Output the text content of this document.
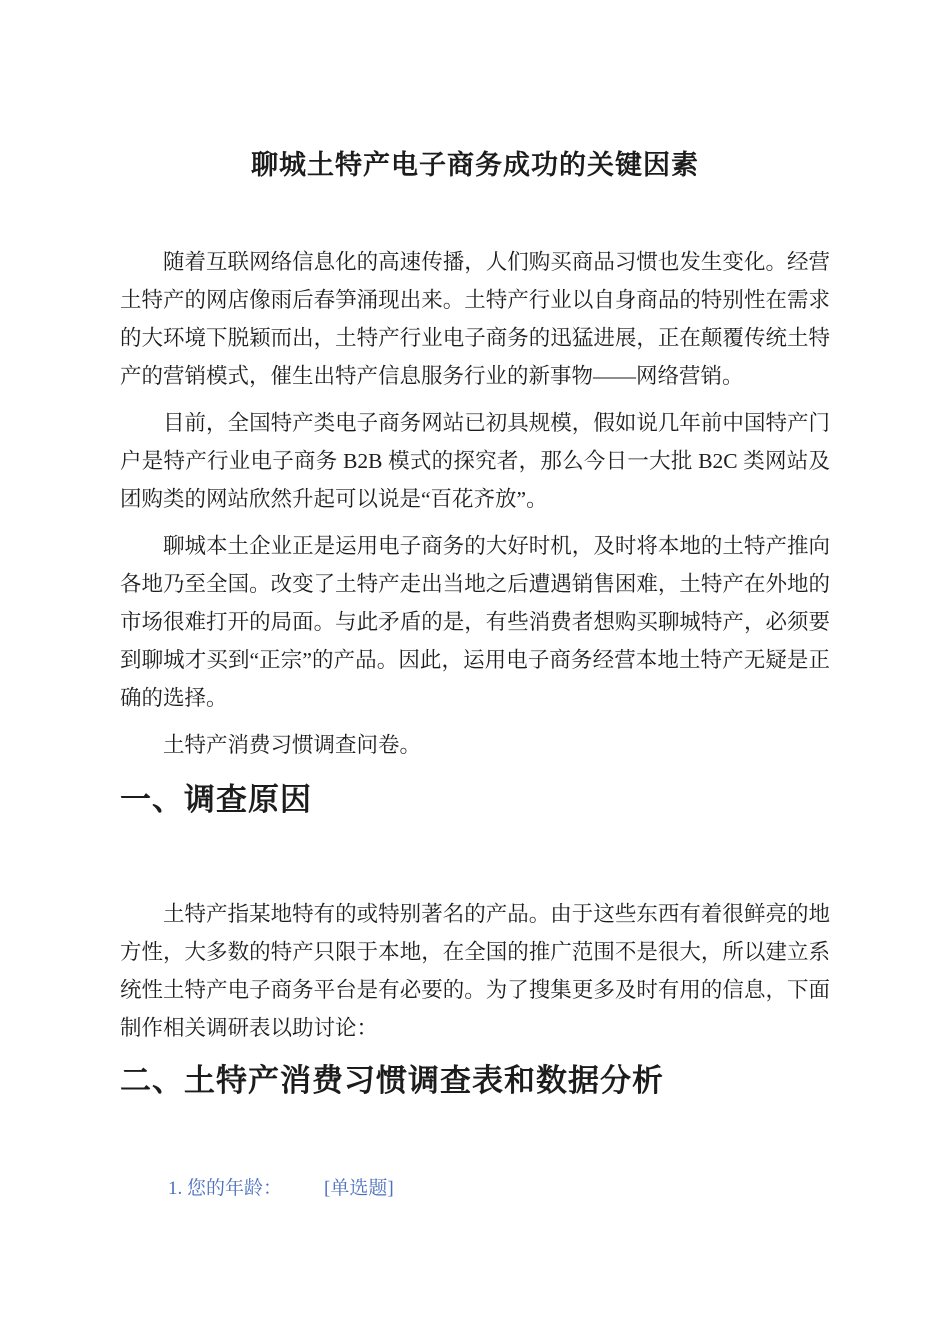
聊城土特产电子商务成功的关键因素

随着互联网络信息化的高速传播，人们购买商品习惯也发生变化。经营土特产的网店像雨后春笋涌现出来。土特产行业以自身商品的特别性在需求的大环境下脱颖而出，土特产行业电子商务的迅猛进展，正在颠覆传统土特产的营销模式，催生出特产信息服务行业的新事物——网络营销。

目前，全国特产类电子商务网站已初具规模，假如说几年前中国特产门户是特产行业电子商务 B2B 模式的探究者，那么今日一大批 B2C 类网站及团购类的网站欣然升起可以说是“百花齐放”。

聊城本土企业正是运用电子商务的大好时机，及时将本地的土特产推向各地乃至全国。改变了土特产走出当地之后遭遇销售困难，土特产在外地的市场很难打开的局面。与此矛盾的是，有些消费者想购买聊城特产，必须要到聊城才买到“正宗”的产品。因此，运用电子商务经营本地土特产无疑是正确的选择。

土特产消费习惯调查问卷。

一、调查原因

土特产指某地特有的或特别著名的产品。由于这些东西有着很鲜亮的地方性，大多数的特产只限于本地，在全国的推广范围不是很大，所以建立系统性土特产电子商务平台是有必要的。为了搜集更多及时有用的信息，下面制作相关调研表以助讨论：

二、土特产消费习惯调查表和数据分析
1. 您的年龄： [单选题]
